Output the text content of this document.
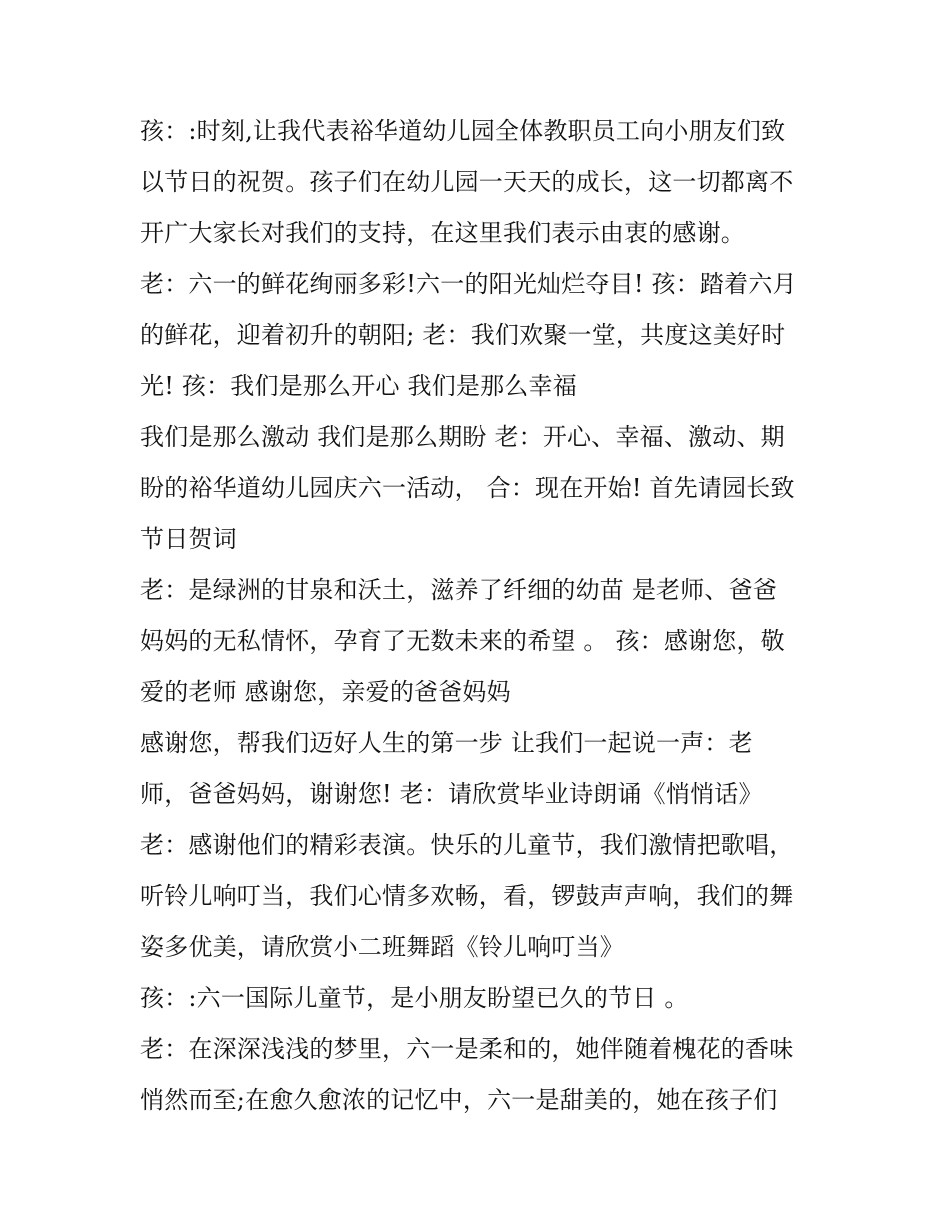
孩：:时刻,让我代表裕华道幼儿园全体教职员工向小朋友们致
以节日的祝贺。孩子们在幼儿园一天天的成长，这一切都离不
开广大家长对我们的支持，在这里我们表示由衷的感谢。
老：六一的鲜花绚丽多彩!六一的阳光灿烂夺目! 孩：踏着六月
的鲜花，迎着初升的朝阳; 老：我们欢聚一堂，共度这美好时
光! 孩：我们是那么开心 我们是那么幸福
我们是那么激动 我们是那么期盼 老：开心、幸福、激动、期
盼的裕华道幼儿园庆六一活动， 合：现在开始! 首先请园长致
节日贺词
老：是绿洲的甘泉和沃土，滋养了纤细的幼苗 是老师、爸爸
妈妈的无私情怀，孕育了无数未来的希望 。 孩：感谢您，敬
爱的老师 感谢您，亲爱的爸爸妈妈
感谢您，帮我们迈好人生的第一步 让我们一起说一声：老
师，爸爸妈妈，谢谢您! 老：请欣赏毕业诗朗诵《悄悄话》
老：感谢他们的精彩表演。快乐的儿童节，我们激情把歌唱，
听铃儿响叮当，我们心情多欢畅，看，锣鼓声声响，我们的舞
姿多优美，请欣赏小二班舞蹈《铃儿响叮当》
孩：:六一国际儿童节，是小朋友盼望已久的节日 。
老：在深深浅浅的梦里，六一是柔和的，她伴随着槐花的香味
悄然而至;在愈久愈浓的记忆中，六一是甜美的，她在孩子们
